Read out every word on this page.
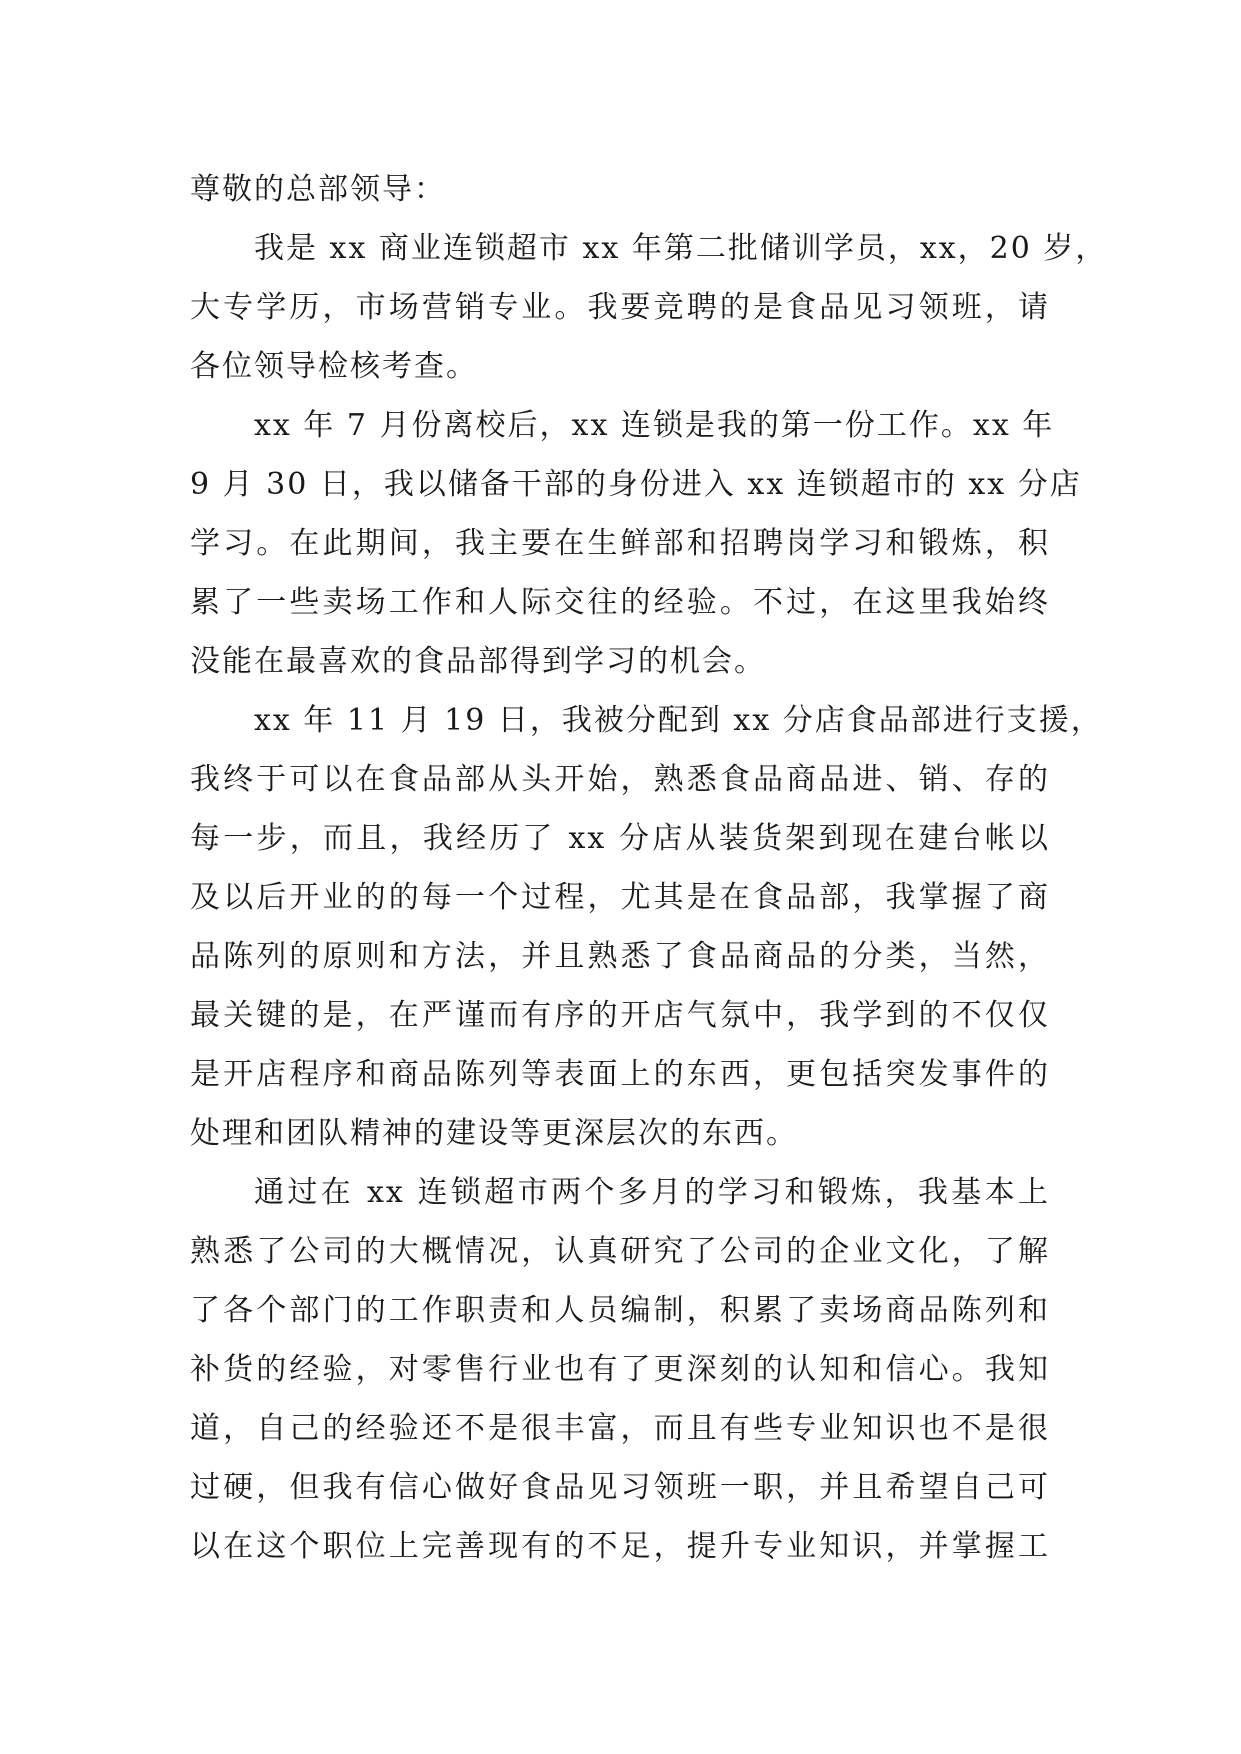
尊敬的总部领导：
我是 xx 商业连锁超市 xx 年第二批储训学员，xx，20 岁，
大专学历，市场营销专业。我要竞聘的是食品见习领班，请
各位领导检核考查。
xx 年 7 月份离校后，xx 连锁是我的第一份工作。xx 年
9 月 30 日，我以储备干部的身份进入 xx 连锁超市的 xx 分店
学习。在此期间，我主要在生鲜部和招聘岗学习和锻炼，积
累了一些卖场工作和人际交往的经验。不过，在这里我始终
没能在最喜欢的食品部得到学习的机会。
xx 年 11 月 19 日，我被分配到 xx 分店食品部进行支援，
我终于可以在食品部从头开始，熟悉食品商品进、销、存的
每一步，而且，我经历了 xx 分店从装货架到现在建台帐以
及以后开业的的每一个过程，尤其是在食品部，我掌握了商
品陈列的原则和方法，并且熟悉了食品商品的分类，当然，
最关键的是，在严谨而有序的开店气氛中，我学到的不仅仅
是开店程序和商品陈列等表面上的东西，更包括突发事件的
处理和团队精神的建设等更深层次的东西。
通过在 xx 连锁超市两个多月的学习和锻炼，我基本上
熟悉了公司的大概情况，认真研究了公司的企业文化，了解
了各个部门的工作职责和人员编制，积累了卖场商品陈列和
补货的经验，对零售行业也有了更深刻的认知和信心。我知
道，自己的经验还不是很丰富，而且有些专业知识也不是很
过硬，但我有信心做好食品见习领班一职，并且希望自己可
以在这个职位上完善现有的不足，提升专业知识，并掌握工
